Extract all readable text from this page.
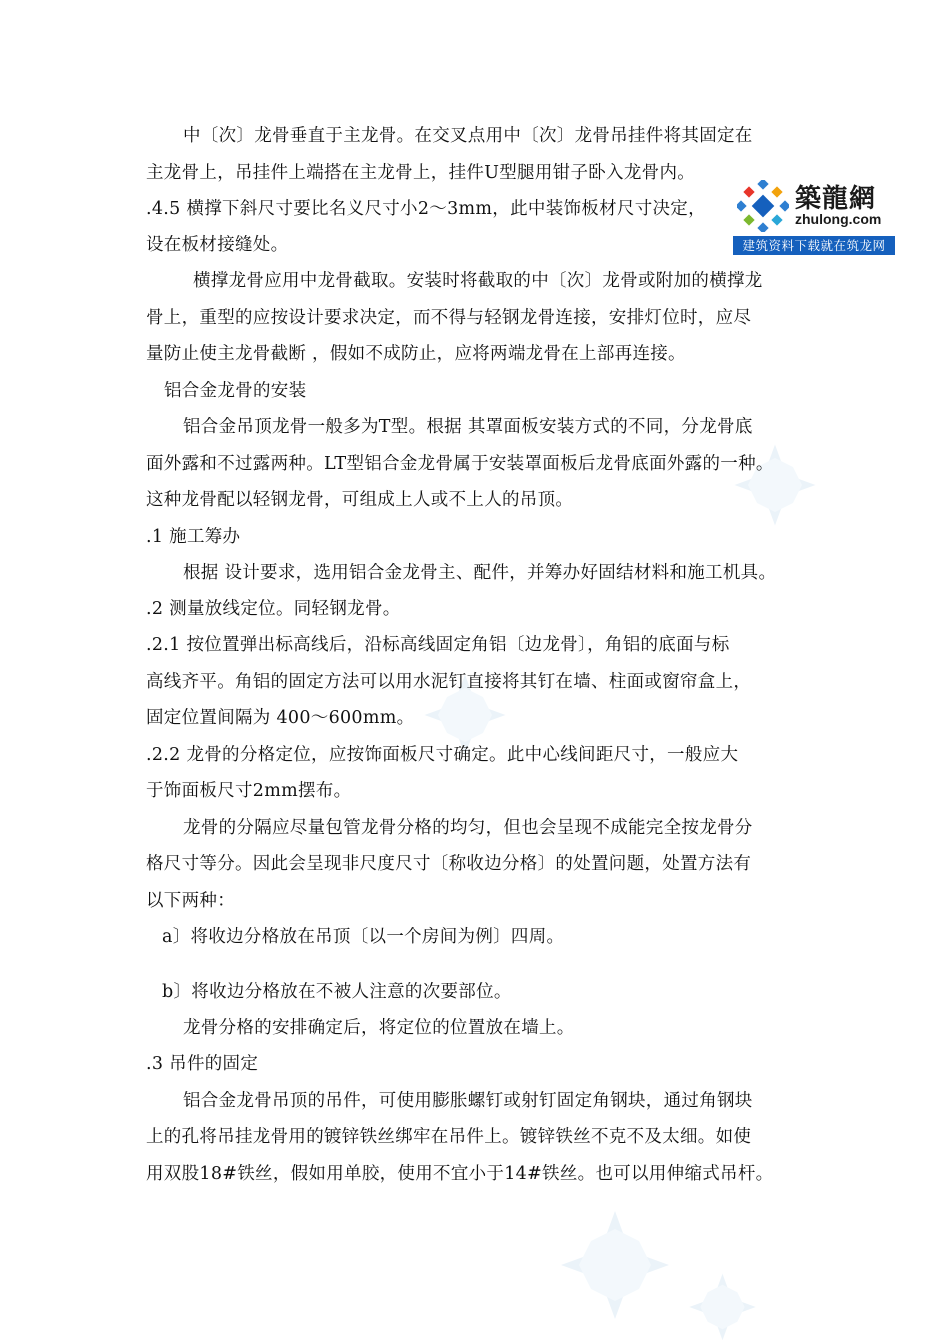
築龍網
zhulong.com
建筑资料下载就在筑龙网
中〔次〕龙骨垂直于主龙骨。在交叉点用中〔次〕龙骨吊挂件将其固定在
主龙骨上，吊挂件上端搭在主龙骨上，挂件U型腿用钳子卧入龙骨内。
.4.5 横撑下斜尺寸要比名义尺寸小2～3mm，此中装饰板材尺寸决定，
设在板材接缝处。
横撑龙骨应用中龙骨截取。安装时将截取的中〔次〕龙骨或附加的横撑龙
骨上，重型的应按设计要求决定，而不得与轻钢龙骨连接，安排灯位时，应尽
量防止使主龙骨截断 ，假如不成防止，应将两端龙骨在上部再连接。
铝合金龙骨的安装
铝合金吊顶龙骨一般多为T型。根据 其罩面板安装方式的不同，分龙骨底
面外露和不过露两种。LT型铝合金龙骨属于安装罩面板后龙骨底面外露的一种。
这种龙骨配以轻钢龙骨，可组成上人或不上人的吊顶。
.1 施工筹办
根据 设计要求，选用铝合金龙骨主、配件，并筹办好固结材料和施工机具。
.2 测量放线定位。同轻钢龙骨。
.2.1 按位置弹出标高线后，沿标高线固定角铝〔边龙骨〕，角铝的底面与标
高线齐平。角铝的固定方法可以用水泥钉直接将其钉在墙、柱面或窗帘盒上，
固定位置间隔为 400～600mm。
.2.2 龙骨的分格定位，应按饰面板尺寸确定。此中心线间距尺寸，一般应大
于饰面板尺寸2mm摆布。
龙骨的分隔应尽量包管龙骨分格的均匀，但也会呈现不成能完全按龙骨分
格尺寸等分。因此会呈现非尺度尺寸〔称收边分格〕的处置问题，处置方法有
以下两种：
a〕将收边分格放在吊顶〔以一个房间为例〕四周。
b〕将收边分格放在不被人注意的次要部位。
龙骨分格的安排确定后，将定位的位置放在墙上。
.3 吊件的固定
铝合金龙骨吊顶的吊件，可使用膨胀螺钉或射钉固定角钢块，通过角钢块
上的孔将吊挂龙骨用的镀锌铁丝绑牢在吊件上。镀锌铁丝不克不及太细。如使
用双股18#铁丝，假如用单胶，使用不宜小于14#铁丝。也可以用伸缩式吊杆。
